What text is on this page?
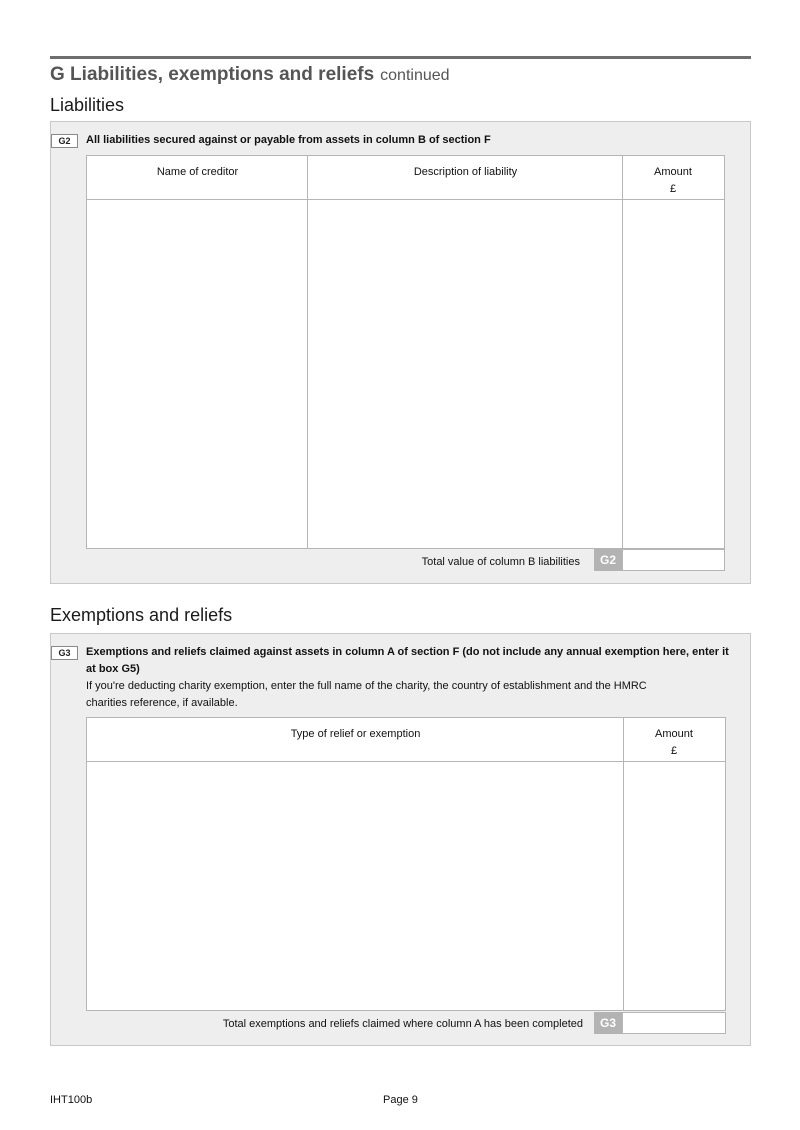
G Liabilities, exemptions and reliefs continued
Liabilities
G2	All liabilities secured against or payable from assets in column B of section F
Name of creditor	Description of liability	Amount
£
Total value of column B liabilities	G2
Exemptions and reliefs
G3	Exemptions and reliefs claimed against assets in column A of section F (do not include any annual exemption here, enter it at box G5)
If you're deducting charity exemption, enter the full name of the charity, the country of establishment and the HMRC charities reference, if available.
Type of relief or exemption	Amount
£
Total exemptions and reliefs claimed where column A has been completed	G3
IHT100b	Page 9
